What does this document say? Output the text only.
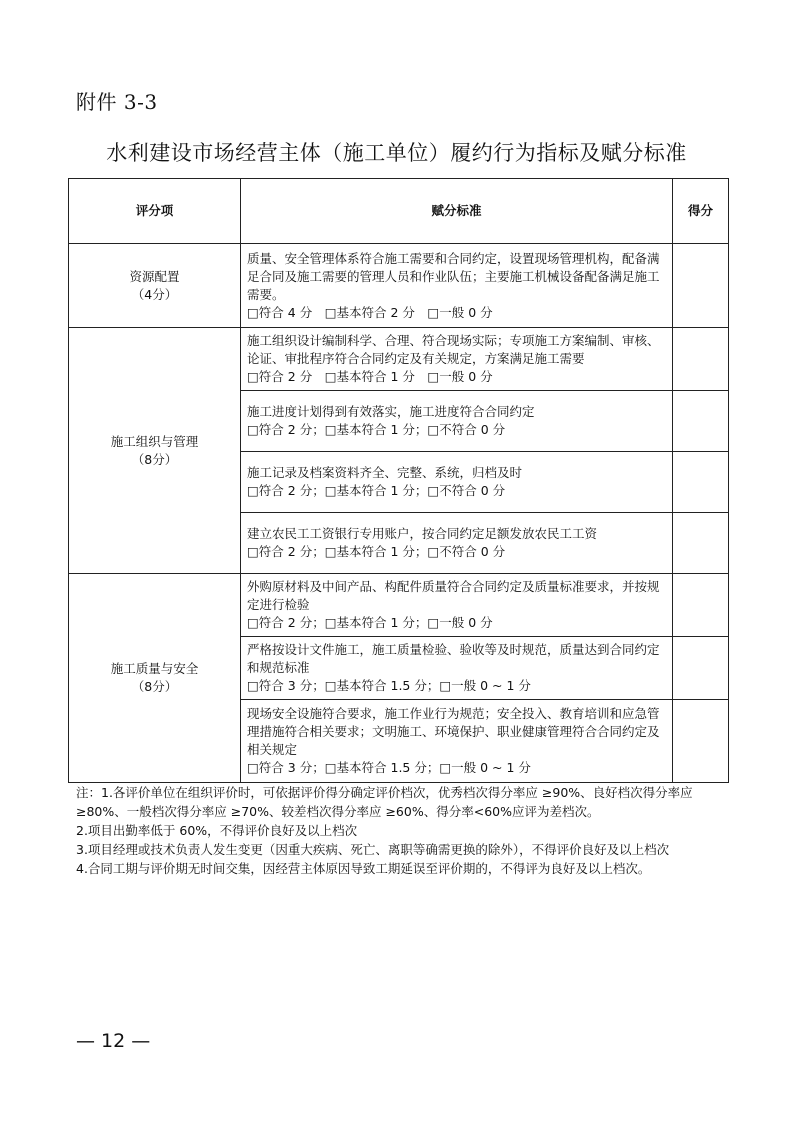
附件 3-3
水利建设市场经营主体（施工单位）履约行为指标及赋分标准
评分项	赋分标准	得分

资源配置
（4分）	质量、安全管理体系符合施工需要和合同约定，设置现场管理机构，配备满足合同及施工需要的管理人员和作业队伍；主要施工机械设备配备满足施工需要。
□符合 4 分　□基本符合 2 分　□一般 0 分	

施工组织与管理
（8分）	施工组织设计编制科学、合理、符合现场实际；专项施工方案编制、审核、论证、审批程序符合合同约定及有关规定，方案满足施工需要
□符合 2 分　□基本符合 1 分　□一般 0 分	

	施工进度计划得到有效落实，施工进度符合合同约定
□符合 2 分；□基本符合 1 分；□不符合 0 分	

	施工记录及档案资料齐全、完整、系统，归档及时
□符合 2 分；□基本符合 1 分；□不符合 0 分	

	建立农民工工资银行专用账户，按合同约定足额发放农民工工资
□符合 2 分；□基本符合 1 分；□不符合 0 分	

施工质量与安全
（8分）	外购原材料及中间产品、构配件质量符合合同约定及质量标准要求，并按规定进行检验
□符合 2 分；□基本符合 1 分；□一般 0 分	

	严格按设计文件施工，施工质量检验、验收等及时规范，质量达到合同约定和规范标准
□符合 3 分；□基本符合 1.5 分；□一般 0 ~ 1 分	

	现场安全设施符合要求，施工作业行为规范；安全投入、教育培训和应急管理措施符合相关要求；文明施工、环境保护、职业健康管理符合合同约定及相关规定
□符合 3 分；□基本符合 1.5 分；□一般 0 ~ 1 分	

注：1.各评价单位在组织评价时，可依据评价得分确定评价档次，优秀档次得分率应 ≥90%、良好档次得分率应 ≥80%、一般档次得分率应 ≥70%、较差档次得分率应 ≥60%、得分率<60%应评为差档次。
2.项目出勤率低于 60%，不得评价良好及以上档次
3.项目经理或技术负责人发生变更（因重大疾病、死亡、离职等确需更换的除外），不得评价良好及以上档次
4.合同工期与评价期无时间交集，因经营主体原因导致工期延误至评价期的，不得评为良好及以上档次。
— 12 —
